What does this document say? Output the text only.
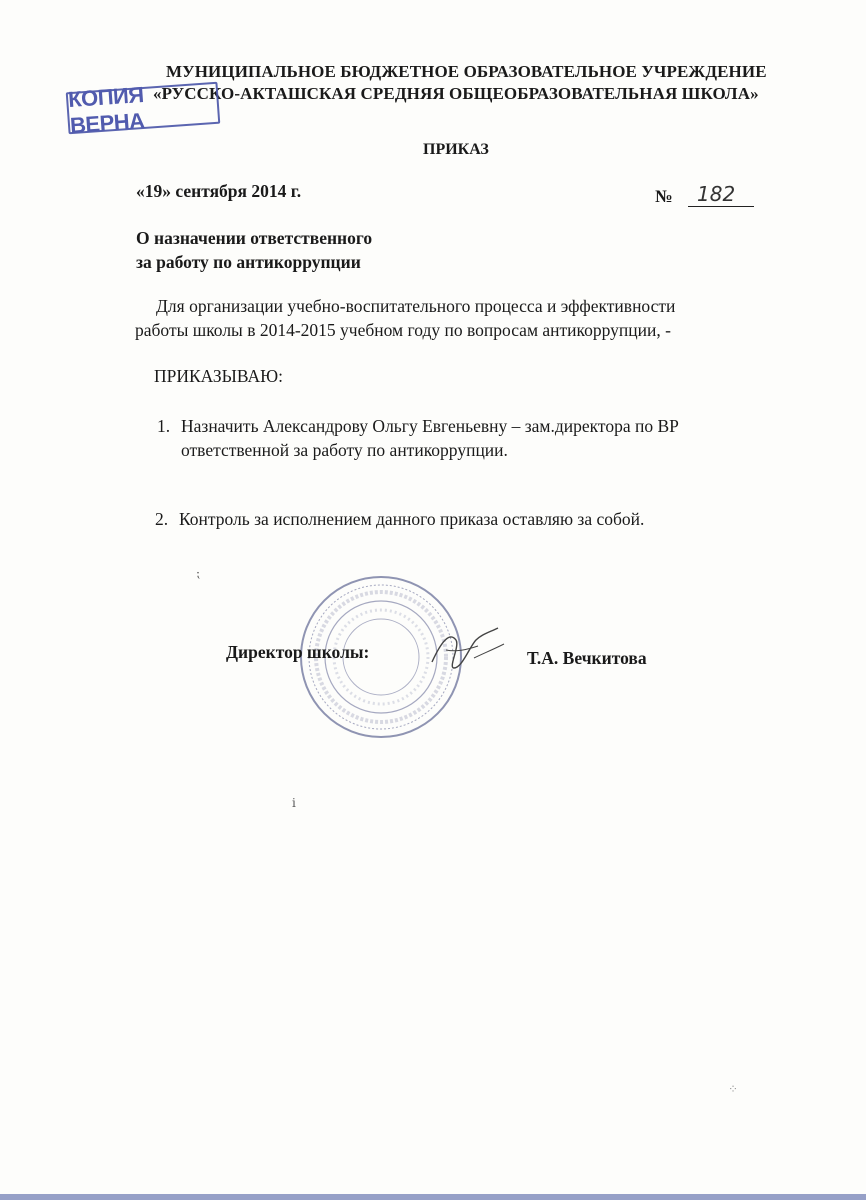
МУНИЦИПАЛЬНОЕ БЮДЖЕТНОЕ ОБРАЗОВАТЕЛЬНОЕ УЧРЕЖДЕНИЕ
«РУССКО-АКТАШСКАЯ СРЕДНЯЯ ОБЩЕОБРАЗОВАТЕЛЬНАЯ ШКОЛА»
КОПИЯ ВЕРНА
ПРИКАЗ
«19» сентября 2014 г.	№ 182
О назначении ответственного
за работу по антикоррупции
Для организации учебно-воспитательного процесса и эффективности
работы школы в 2014-2015 учебном году по вопросам антикоррупции, -
ПРИКАЗЫВАЮ:
1. Назначить Александрову Ольгу Евгеньевну – зам.директора по ВР
ответственной за работу по антикоррупции.
2. Контроль за исполнением данного приказа оставляю за собой.
⁏
Директор школы:	Т.А. Вечкитова
ⅰ
⁘
